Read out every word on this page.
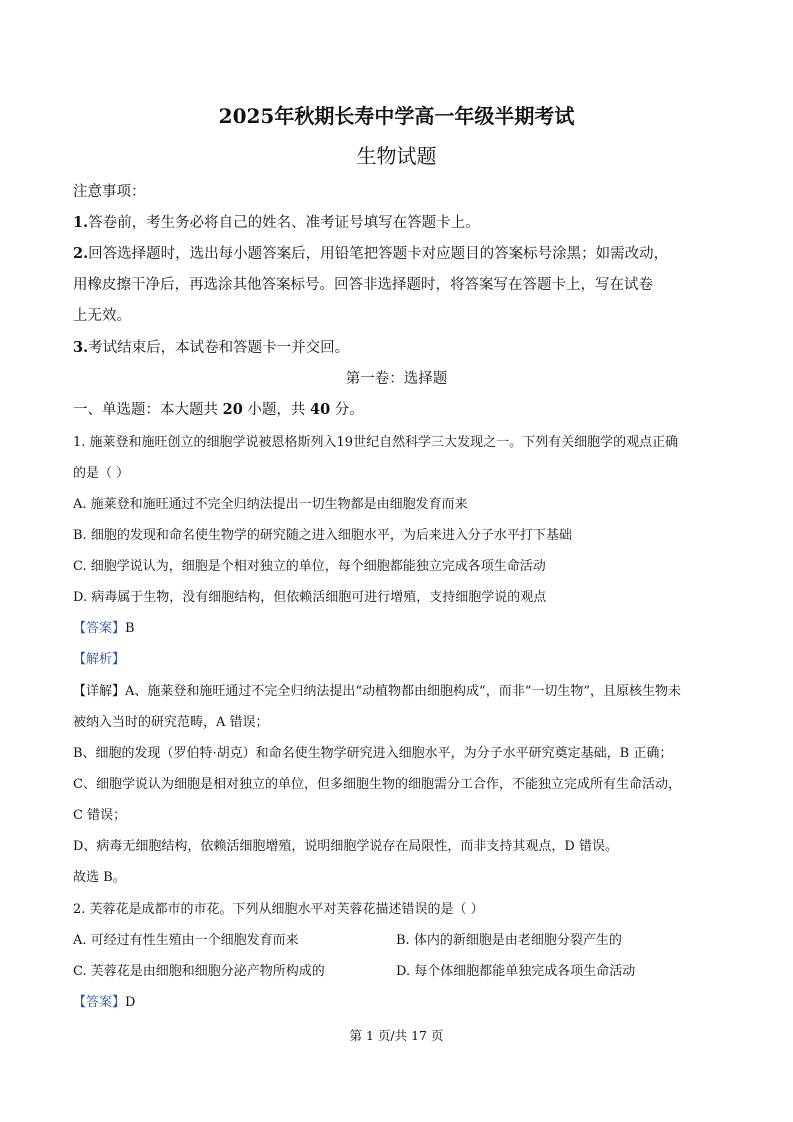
2025年秋期长寿中学高一年级半期考试
生物试题
注意事项：
1.答卷前，考生务必将自己的姓名、准考证号填写在答题卡上。
2.回答选择题时，选出每小题答案后，用铅笔把答题卡对应题目的答案标号涂黑；如需改动，
用橡皮擦干净后，再选涂其他答案标号。回答非选择题时，将答案写在答题卡上，写在试卷
上无效。
3.考试结束后，本试卷和答题卡一并交回。
第一卷：选择题
一、单选题：本大题共 20 小题，共 40 分。
1. 施莱登和施旺创立的细胞学说被恩格斯列入19世纪自然科学三大发现之一。下列有关细胞学的观点正确
的是（ ）
A. 施莱登和施旺通过不完全归纳法提出一切生物都是由细胞发育而来
B. 细胞的发现和命名使生物学的研究随之进入细胞水平，为后来进入分子水平打下基础
C. 细胞学说认为，细胞是个相对独立的单位，每个细胞都能独立完成各项生命活动
D. 病毒属于生物，没有细胞结构，但依赖活细胞可进行增殖，支持细胞学说的观点
【答案】B
【解析】
【详解】A、施莱登和施旺通过不完全归纳法提出“动植物都由细胞构成”，而非“一切生物”，且原核生物未
被纳入当时的研究范畴，A 错误；
B、细胞的发现（罗伯特·胡克）和命名使生物学研究进入细胞水平，为分子水平研究奠定基础，B 正确；
C、细胞学说认为细胞是相对独立的单位，但多细胞生物的细胞需分工合作，不能独立完成所有生命活动，
C 错误；
D、病毒无细胞结构，依赖活细胞增殖，说明细胞学说存在局限性，而非支持其观点，D 错误。
故选 B。
2. 芙蓉花是成都市的市花。下列从细胞水平对芙蓉花描述错误的是（ ）
A. 可经过有性生殖由一个细胞发育而来	B. 体内的新细胞是由老细胞分裂产生的
C. 芙蓉花是由细胞和细胞分泌产物所构成的	D. 每个体细胞都能单独完成各项生命活动
【答案】D
第 1 页/共 17 页
